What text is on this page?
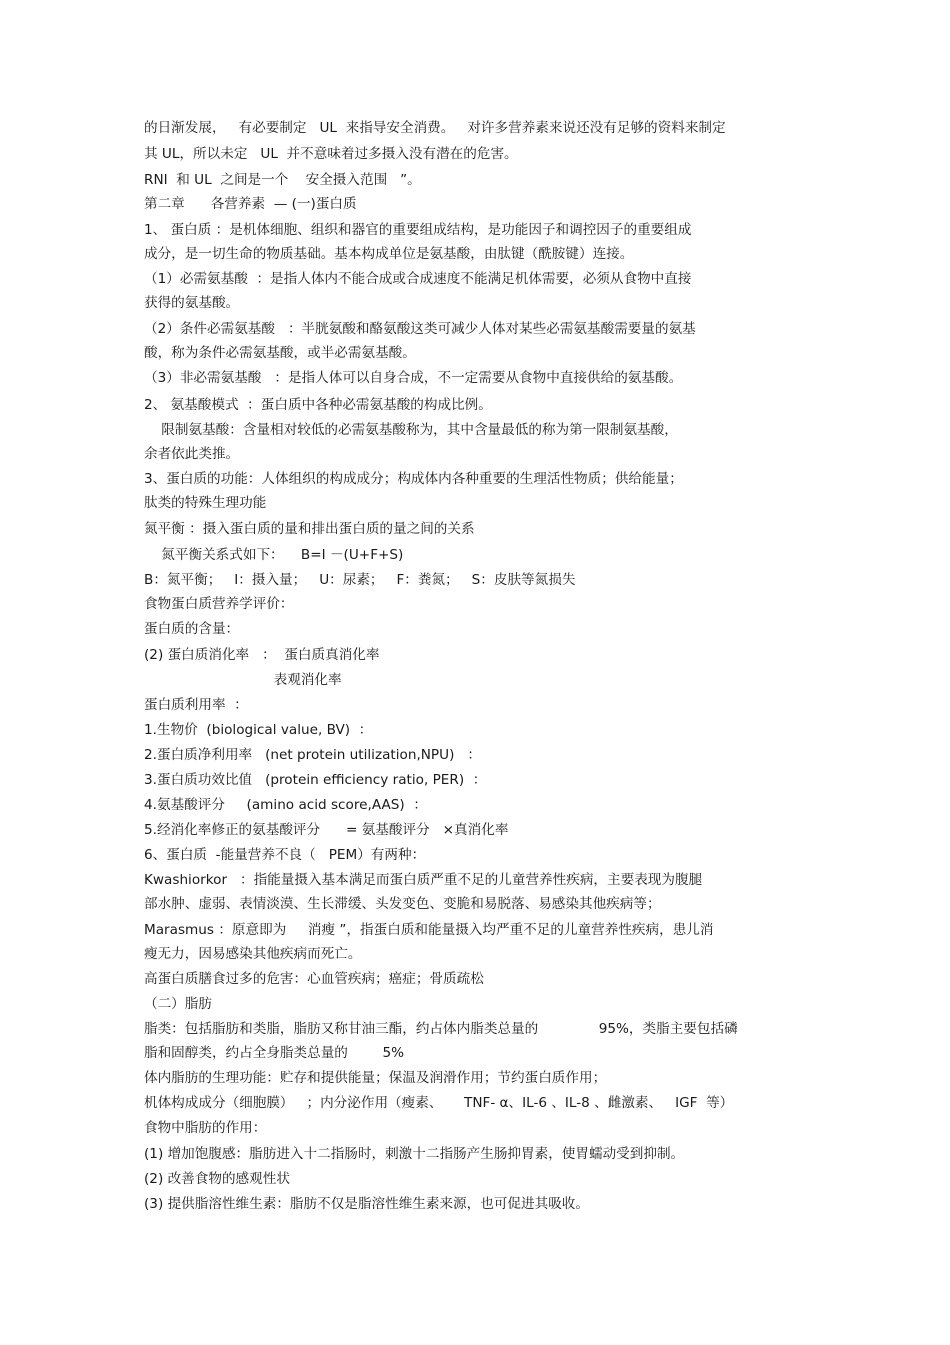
的日渐发展，   有必要制定   UL  来指导安全消费。   对许多营养素来说还没有足够的资料来制定
其 UL，所以未定   UL  并不意味着过多摄入没有潜在的危害。
RNI  和 UL  之间是一个    安全摄入范围   ”。
第二章      各营养素  — (一)蛋白质
1、 蛋白质 ：是机体细胞、组织和器官的重要组成结构，是功能因子和调控因子的重要组成
成分，是一切生命的物质基础。基本构成单位是氨基酸，由肽键（酰胺键）连接。
（1）必需氨基酸  ：是指人体内不能合成或合成速度不能满足机体需要，必须从食物中直接
获得的氨基酸。
（2）条件必需氨基酸   ：半胱氨酸和酪氨酸这类可减少人体对某些必需氨基酸需要量的氨基
酸，称为条件必需氨基酸，或半必需氨基酸。
（3）非必需氨基酸   ：是指人体可以自身合成，不一定需要从食物中直接供给的氨基酸。
2、 氨基酸模式  ：蛋白质中各种必需氨基酸的构成比例。
限制氨基酸：含量相对较低的必需氨基酸称为，其中含量最低的称为第一限制氨基酸，
余者依此类推。
3、蛋白质的功能：人体组织的构成成分；构成体内各种重要的生理活性物质；供给能量；
肽类的特殊生理功能
氮平衡 ：摄入蛋白质的量和排出蛋白质的量之间的关系
氮平衡关系式如下：    B=I －(U+F+S)
B：氮平衡；   I：摄入量；   U：尿素；   F：粪氮；   S：皮肤等氮损失
食物蛋白质营养学评价：
蛋白质的含量：
(2) 蛋白质消化率   ：  蛋白质真消化率
表观消化率
蛋白质利用率  ：
1.生物价  (biological value, BV)  ：
2.蛋白质净利用率   (net protein utilization,NPU)   ：
3.蛋白质功效比值   (protein efficiency ratio, PER)  ：
4.氨基酸评分     (amino acid score,AAS)  ：
5.经消化率修正的氨基酸评分      = 氨基酸评分   ×真消化率
6、蛋白质  -能量营养不良（   PEM）有两种：
Kwashiorkor   ：指能量摄入基本满足而蛋白质严重不足的儿童营养性疾病，主要表现为腹腿
部水肿、虚弱、表情淡漠、生长滞缓、头发变色、变脆和易脱落、易感染其他疾病等；
Marasmus ：原意即为     消瘦 ”，指蛋白质和能量摄入均严重不足的儿童营养性疾病，患儿消
瘦无力，因易感染其他疾病而死亡。
高蛋白质膳食过多的危害：心血管疾病；癌症；骨质疏松
（二）脂肪
脂类：包括脂肪和类脂，脂肪又称甘油三酯，约占体内脂类总量的              95%，类脂主要包括磷
脂和固醇类，约占全身脂类总量的        5%
体内脂肪的生理功能：贮存和提供能量；保温及润滑作用；节约蛋白质作用；
机体构成成分（细胞膜）   ；内分泌作用（瘦素、     TNF- α、IL-6 、IL-8 、雌激素、   IGF  等）
食物中脂肪的作用：
(1) 增加饱腹感：脂肪进入十二指肠时，刺激十二指肠产生肠抑胃素，使胃蠕动受到抑制。
(2) 改善食物的感观性状
(3) 提供脂溶性维生素：脂肪不仅是脂溶性维生素来源，也可促进其吸收。
